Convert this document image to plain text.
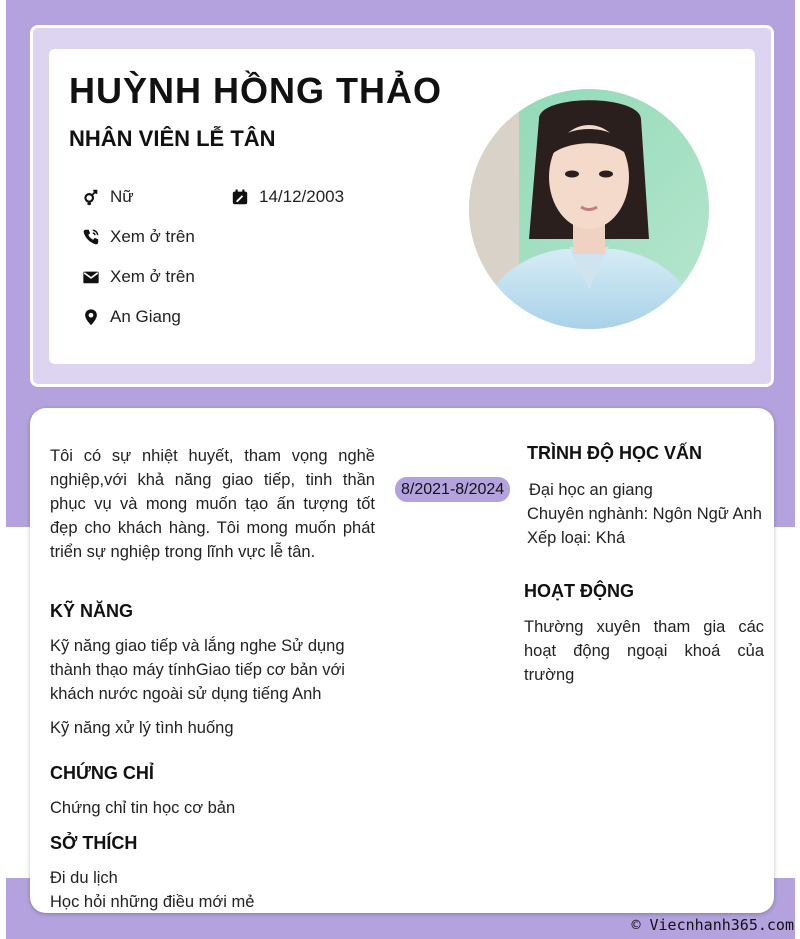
HUỲNH HỒNG THẢO
NHÂN VIÊN LỄ TÂN
Nữ	14/12/2003
Xem ở trên
Xem ở trên
An Giang

Tôi có sự nhiệt huyết, tham vọng nghề nghiệp,với khả năng giao tiếp, tinh thần phục vụ và mong muốn tạo ấn tượng tốt đẹp cho khách hàng. Tôi mong muốn phát triển sự nghiệp trong lĩnh vực lễ tân.

KỸ NĂNG
Kỹ năng giao tiếp và lắng nghe Sử dụng thành thạo máy tínhGiao tiếp cơ bản với khách nước ngoài sử dụng tiếng Anh
Kỹ năng xử lý tình huống
CHỨNG CHỈ
Chứng chỉ tin học cơ bản
SỞ THÍCH
Đi du lịch
Học hỏi những điều mới mẻ
TRÌNH ĐỘ HỌC VẤN
8/2021-8/2024	Đại học an giang
Chuyên nghành: Ngôn Ngữ Anh
Xếp loại: Khá
HOẠT ĐỘNG
Thường xuyên tham gia các hoạt động ngoại khoá của trường
© Viecnhanh365.com
